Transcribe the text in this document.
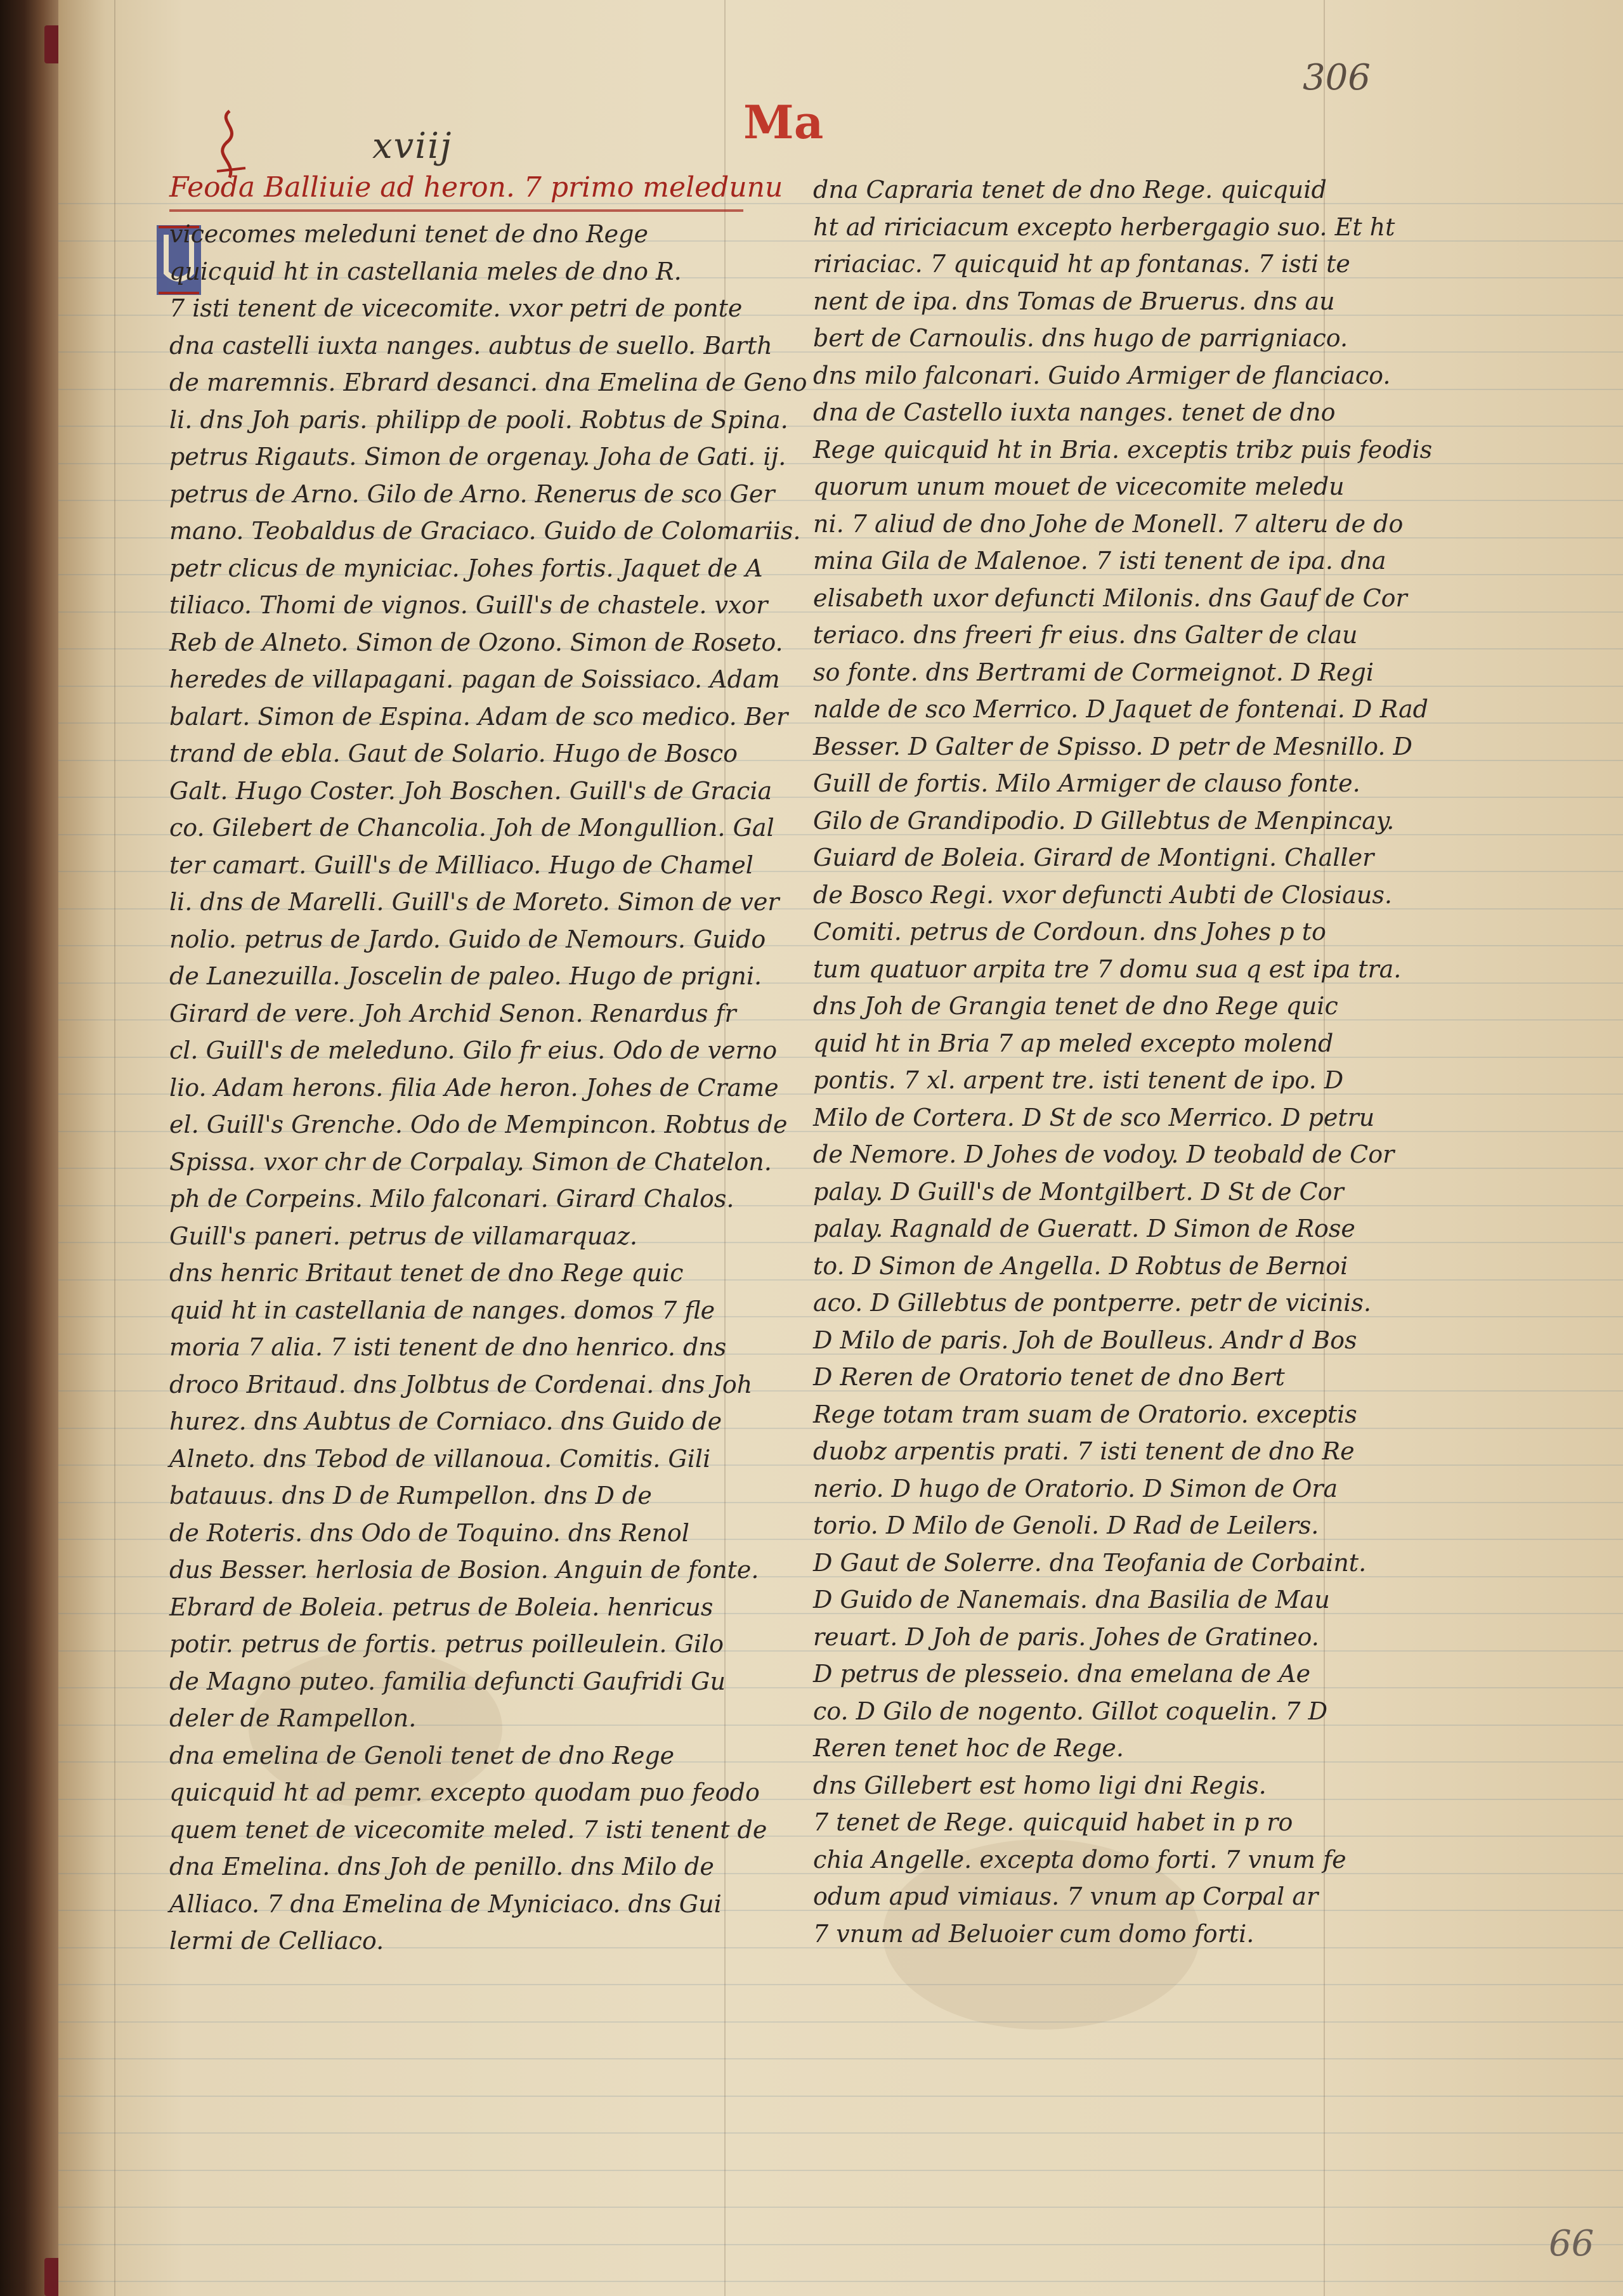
306
66
xvііj	Ma
Feoda Balliuie ad heron. 7 primo meledunu
vicecomes meleduni tenet de dno Rege
quicquid ht in castellania meles de dno R.
7 isti tenent de vicecomite. vxor petri de ponte
dna castelli iuxta nanges. aubtus de suello. Barth
de maremnis. Ebrard desanci. dna Emelina de Geno
li. dns Joh paris. philipp de pooli. Robtus de Spina.
petrus Rigauts. Simon de orgenay. Joha de Gati. ij.
petrus de Arno. Gilo de Arno. Renerus de sco Ger
mano. Teobaldus de Graciaco. Guido de Colomariis.
petr clicus de myniciac. Johes fortis. Jaquet de A
tiliaco. Thomi de vignos. Guill's de chastele. vxor
Reb de Alneto. Simon de Ozono. Simon de Roseto.
heredes de villapagani. pagan de Soissiaco. Adam
balart. Simon de Espina. Adam de sco medico. Ber
trand de ebla. Gaut de Solario. Hugo de Bosco
Galt. Hugo Coster. Joh Boschen. Guill's de Gracia
co. Gilebert de Chancolia. Joh de Mongullion. Gal
ter camart. Guill's de Milliaco. Hugo de Chamel
li. dns de Marelli. Guill's de Moreto. Simon de ver
nolio. petrus de Jardo. Guido de Nemours. Guido
de Lanezuilla. Joscelin de paleo. Hugo de prigni.
Girard de vere. Joh Archid Senon. Renardus fr
cl. Guill's de meleduno. Gilo fr eius. Odo de verno
lio. Adam herons. filia Ade heron. Johes de Crame
el. Guill's Grenche. Odo de Mempincon. Robtus de
Spissa. vxor chr de Corpalay. Simon de Chatelon.
ph de Corpeins. Milo falconari. Girard Chalos.
Guill's paneri. petrus de villamarquaz.
dns henric Britaut tenet de dno Rege quic
quid ht in castellania de nanges. domos 7 fle
moria 7 alia. 7 isti tenent de dno henrico. dns
droco Britaud. dns Jolbtus de Cordenai. dns Joh
hurez. dns Aubtus de Corniaco. dns Guido de
Alneto. dns Tebod de villanoua. Comitis. Gili
batauus. dns D de Rumpellon. dns D de
de Roteris. dns Odo de Toquino. dns Renol
dus Besser. herlosia de Bosion. Anguin de fonte.
Ebrard de Boleia. petrus de Boleia. henricus
potir. petrus de fortis. petrus poilleulein. Gilo
de Magno puteo. familia defuncti Gaufridi Gu
deler de Rampellon.
dna emelina de Genoli tenet de dno Rege
quicquid ht ad pemr. excepto quodam puo feodo
quem tenet de vicecomite meled. 7 isti tenent de
dna Emelina. dns Joh de penillo. dns Milo de
Alliaco. 7 dna Emelina de Myniciaco. dns Gui
lermi de Celliaco.
dna Capraria tenet de dno Rege. quicquid
ht ad ririciacum excepto herbergagio suo. Et ht
ririaciac. 7 quicquid ht ap fontanas. 7 isti te
nent de ipa. dns Tomas de Bruerus. dns au
bert de Carnoulis. dns hugo de parrigniaco.
dns milo falconari. Guido Armiger de flanciaco.
dna de Castello iuxta nanges. tenet de dno
Rege quicquid ht in Bria. exceptis tribz puis feodis
quorum unum mouet de vicecomite meledu
ni. 7 aliud de dno Johe de Monell. 7 alteru de do
mina Gila de Malenoe. 7 isti tenent de ipa. dna
elisabeth uxor defuncti Milonis. dns Gauf de Cor
teriaco. dns freeri fr eius. dns Galter de clau
so fonte. dns Bertrami de Cormeignot. D Regi
nalde de sco Merrico. D Jaquet de fontenai. D Rad
Besser. D Galter de Spisso. D petr de Mesnillo. D
Guill de fortis. Milo Armiger de clauso fonte.
Gilo de Grandipodio. D Gillebtus de Menpincay.
Guiard de Boleia. Girard de Montigni. Challer
de Bosco Regi. vxor defuncti Aubti de Closiaus.
Comiti. petrus de Cordoun. dns Johes p to
tum quatuor arpita tre 7 domu sua q est ipa tra.
dns Joh de Grangia tenet de dno Rege quic
quid ht in Bria 7 ap meled excepto molend
pontis. 7 xl. arpent tre. isti tenent de ipo. D
Milo de Cortera. D St de sco Merrico. D petru
de Nemore. D Johes de vodoy. D teobald de Cor
palay. D Guill's de Montgilbert. D St de Cor
palay. Ragnald de Gueratt. D Simon de Rose
to. D Simon de Angella. D Robtus de Bernoi
aco. D Gillebtus de pontperre. petr de vicinis.
D Milo de paris. Joh de Boulleus. Andr d Bos
D Reren de Oratorio tenet de dno Bert
Rege totam tram suam de Oratorio. exceptis
duobz arpentis prati. 7 isti tenent de dno Re
nerio. D hugo de Oratorio. D Simon de Ora
torio. D Milo de Genoli. D Rad de Leilers.
D Gaut de Solerre. dna Teofania de Corbaint.
D Guido de Nanemais. dna Basilia de Mau
reuart. D Joh de paris. Johes de Gratineo.
D petrus de plesseio. dna emelana de Ae
co. D Gilo de nogento. Gillot coquelin. 7 D
Reren tenet hoc de Rege.
dns Gillebert est homo ligi dni Regis.
7 tenet de Rege. quicquid habet in p ro
chia Angelle. excepta domo forti. 7 vnum fe
odum apud vimiaus. 7 vnum ap Corpal ar
7 vnum ad Beluoier cum domo forti.
